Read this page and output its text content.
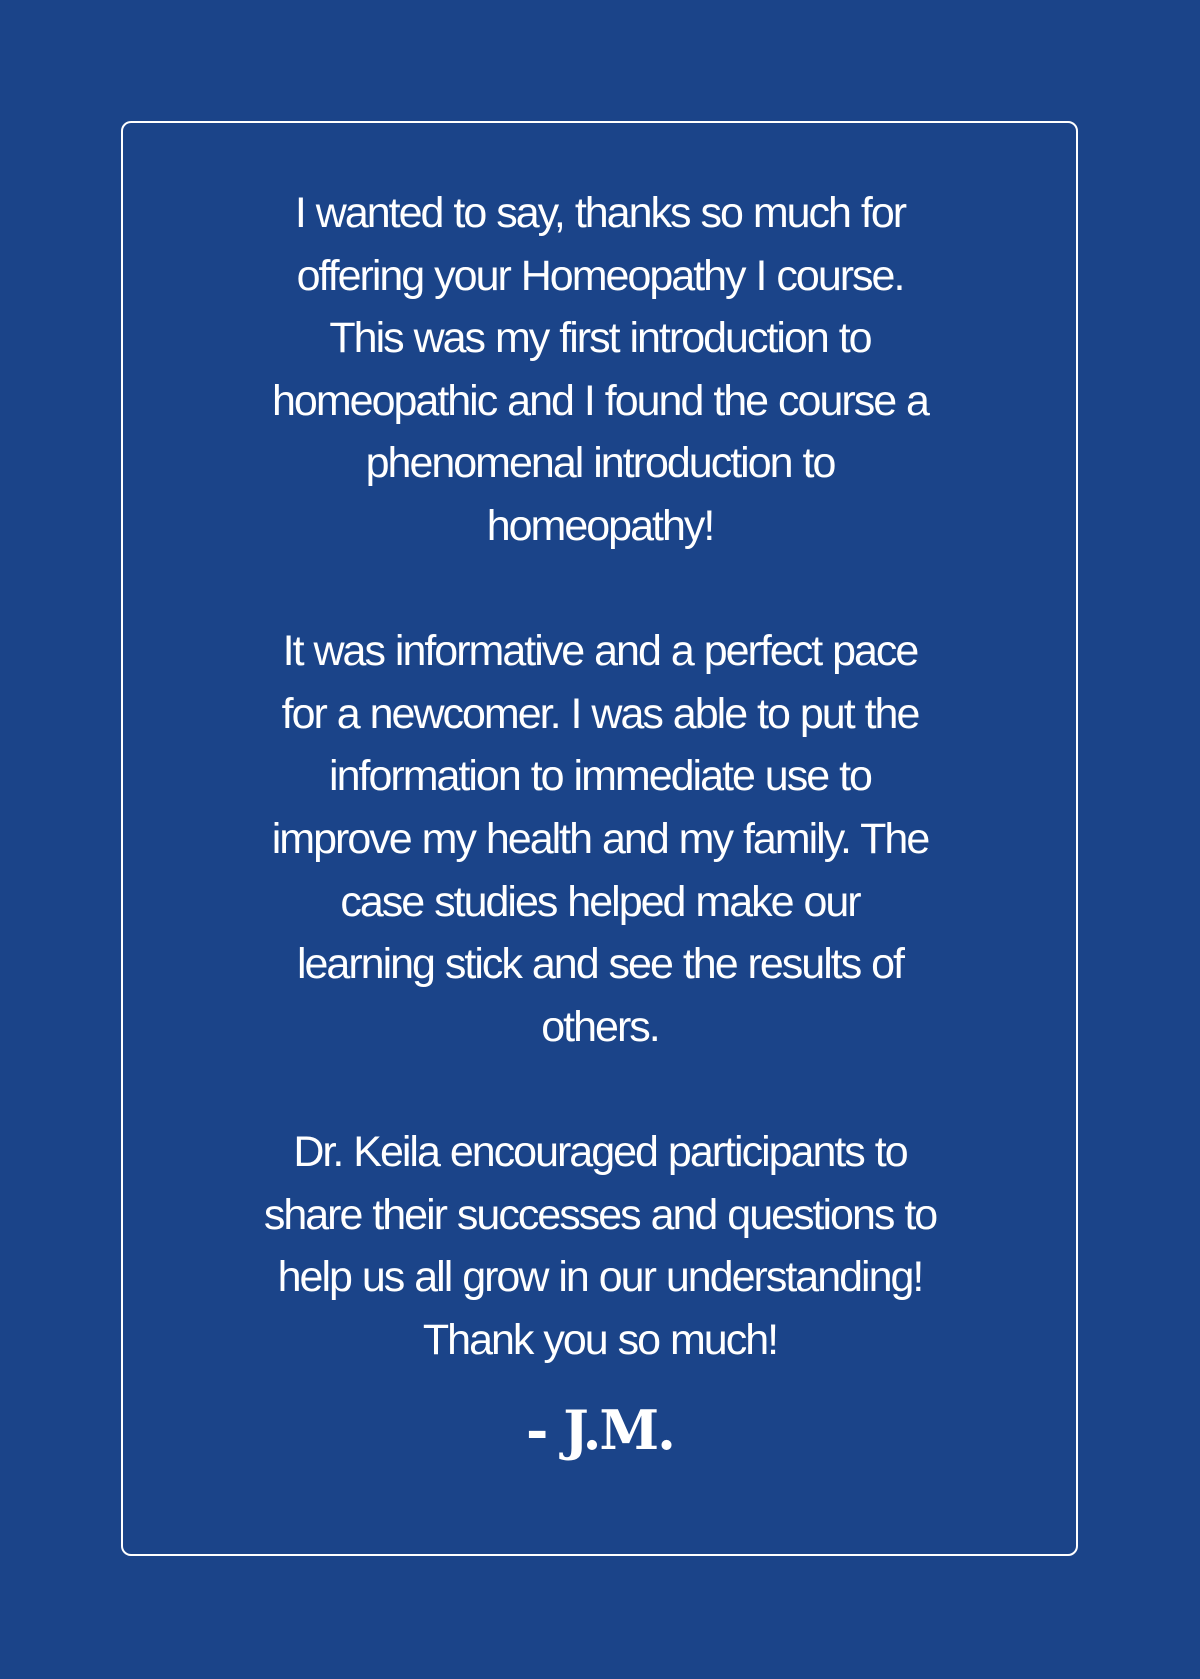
I wanted to say, thanks so much for
offering your Homeopathy I course.
This was my first introduction to
homeopathic and I found the course a
phenomenal introduction to
homeopathy!

It was informative and a perfect pace
for a newcomer. I was able to put the
information to immediate use to
improve my health and my family. The
case studies helped make our
learning stick and see the results of
others.

Dr. Keila encouraged participants to
share their successes and questions to
help us all grow in our understanding!
Thank you so much!

- J.M.
